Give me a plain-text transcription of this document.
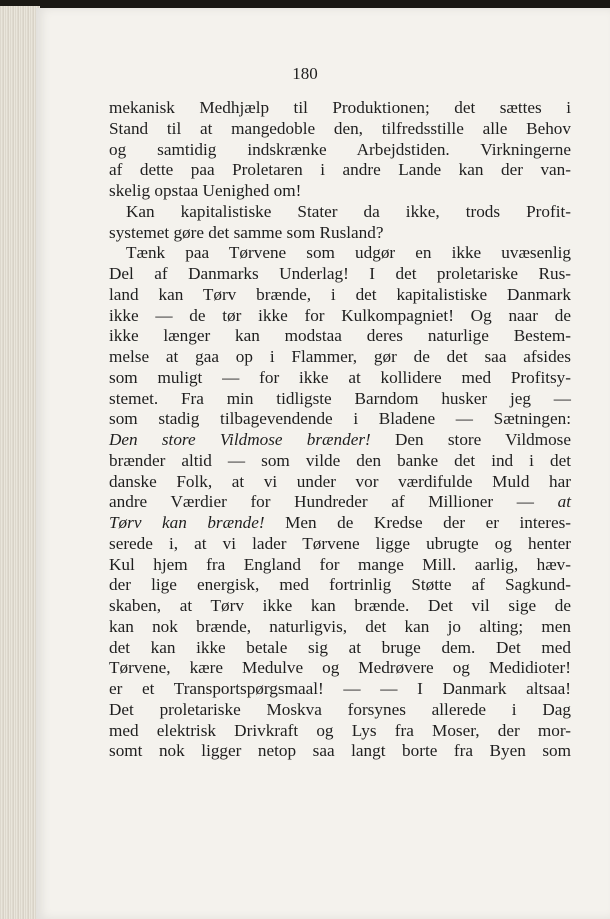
180
mekanisk Medhjælp til Produktionen; det sættes i
Stand til at mangedoble den, tilfredsstille alle Behov
og samtidig indskrænke Arbejdstiden. Virkningerne
af dette paa Proletaren i andre Lande kan der van-
skelig opstaa Uenighed om!
Kan kapitalistiske Stater da ikke, trods Profit-
systemet gøre det samme som Rusland?
Tænk paa Tørvene som udgør en ikke uvæsenlig
Del af Danmarks Underlag! I det proletariske Rus-
land kan Tørv brænde, i det kapitalistiske Danmark
ikke — de tør ikke for Kulkompagniet! Og naar de
ikke længer kan modstaa deres naturlige Bestem-
melse at gaa op i Flammer, gør de det saa afsides
som muligt — for ikke at kollidere med Profitsy-
stemet. Fra min tidligste Barndom husker jeg —
som stadig tilbagevendende i Bladene — Sætningen:
Den store Vildmose brænder! Den store Vildmose
brænder altid — som vilde den banke det ind i det
danske Folk, at vi under vor værdifulde Muld har
andre Værdier for Hundreder af Millioner — at
Tørv kan brænde! Men de Kredse der er interes-
serede i, at vi lader Tørvene ligge ubrugte og henter
Kul hjem fra England for mange Mill. aarlig, hæv-
der lige energisk, med fortrinlig Støtte af Sagkund-
skaben, at Tørv ikke kan brænde. Det vil sige de
kan nok brænde, naturligvis, det kan jo alting; men
det kan ikke betale sig at bruge dem. Det med
Tørvene, kære Medulve og Medrøvere og Medidioter!
er et Transportspørgsmaal! — — I Danmark altsaa!
Det proletariske Moskva forsynes allerede i Dag
med elektrisk Drivkraft og Lys fra Moser, der mor-
somt nok ligger netop saa langt borte fra Byen som
